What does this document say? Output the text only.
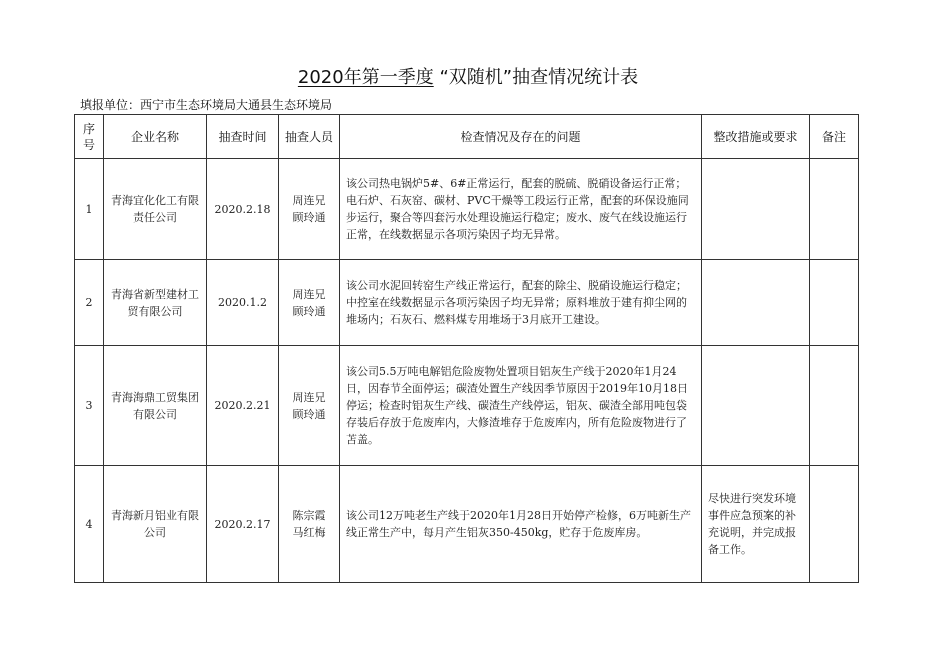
2020年第一季度 “双随机”抽查情况统计表
填报单位：西宁市生态环境局大通县生态环境局
序号	企业名称	抽查时间	抽查人员	检查情况及存在的问题	整改措施或要求	备注
1	青海宜化化工有限责任公司	2020.2.18	周连兄顾玲通	该公司热电锅炉5#、6#正常运行，配套的脱硫、脱硝设备运行正常；电石炉、石灰窑、碳材、PVC干燥等工段运行正常，配套的环保设施同步运行，聚合等四套污水处理设施运行稳定；废水、废气在线设施运行正常，在线数据显示各项污染因子均无异常。		
2	青海省新型建材工贸有限公司	2020.1.2	周连兄顾玲通	该公司水泥回转窑生产线正常运行，配套的除尘、脱硝设施运行稳定；中控室在线数据显示各项污染因子均无异常；原料堆放于建有抑尘网的堆场内；石灰石、燃料煤专用堆场于3月底开工建设。		
3	青海海鼎工贸集团有限公司	2020.2.21	周连兄顾玲通	该公司5.5万吨电解铝危险废物处置项目铝灰生产线于2020年1月24日，因春节全面停运；碳渣处置生产线因季节原因于2019年10月18日停运；检查时铝灰生产线、碳渣生产线停运，铝灰、碳渣全部用吨包袋存装后存放于危废库内，大修渣堆存于危废库内，所有危险废物进行了苫盖。		
4	青海新月铝业有限公司	2020.2.17	陈宗霞马红梅	该公司12万吨老生产线于2020年1月28日开始停产检修，6万吨新生产线正常生产中，每月产生铝灰350-450kg，贮存于危废库房。	尽快进行突发环境事件应急预案的补充说明，并完成报备工作。	
